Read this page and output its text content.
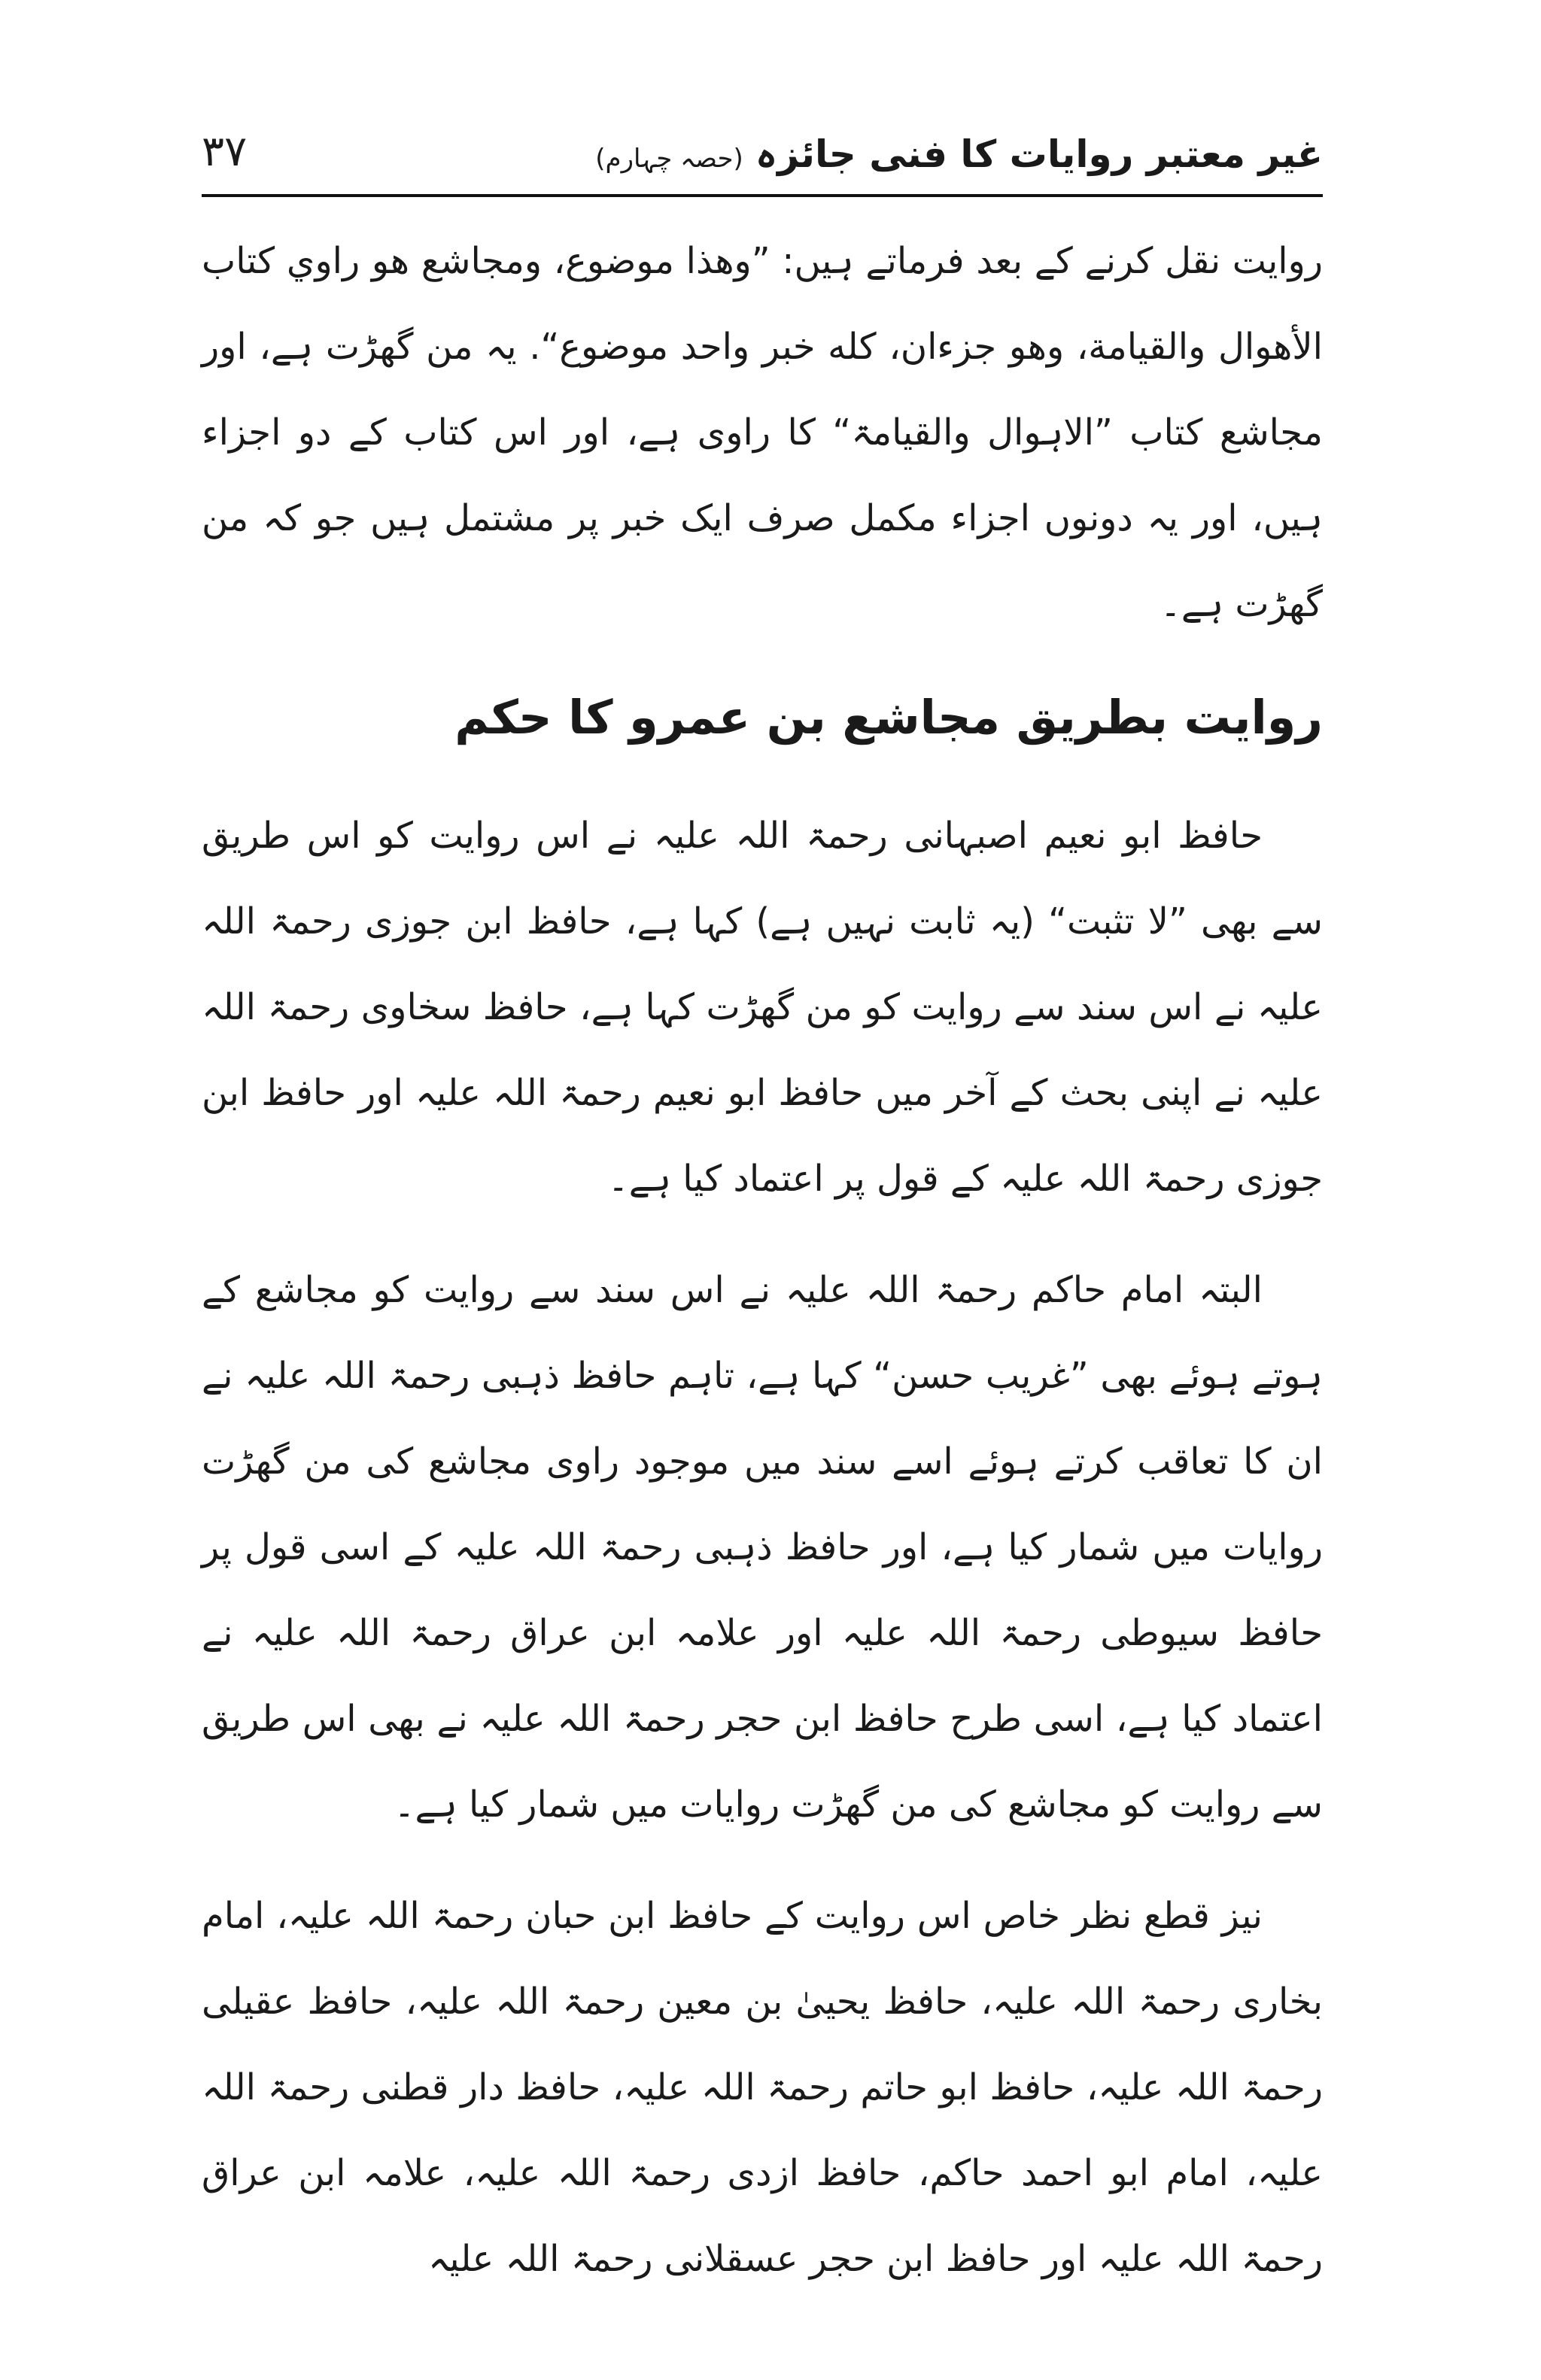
غیر معتبر روایات کا فنی جائزہ(حصہ چہارم)
۳۷

روایت نقل کرنے کے بعد فرماتے ہیں: ”وهذا موضوع، ومجاشع هو راوي كتاب الأهوال والقيامة، وهو جزءان، كله خبر واحد موضوع“. یہ من گھڑت ہے، اور مجاشع کتاب ”الاہوال والقیامۃ“ کا راوی ہے، اور اس کتاب کے دو اجزاء ہیں، اور یہ دونوں اجزاء مکمل صرف ایک خبر پر مشتمل ہیں جو کہ من گھڑت ہے۔

روایت بطریق مجاشع بن عمرو کا حکم

حافظ ابو نعیم اصبہانی رحمۃ اللہ علیہ نے اس روایت کو اس طریق سے بھی ”لا تثبت“ (یہ ثابت نہیں ہے) کہا ہے، حافظ ابن جوزی رحمۃ اللہ علیہ نے اس سند سے روایت کو من گھڑت کہا ہے، حافظ سخاوی رحمۃ اللہ علیہ نے اپنی بحث کے آخر میں حافظ ابو نعیم رحمۃ اللہ علیہ اور حافظ ابن جوزی رحمۃ اللہ علیہ کے قول پر اعتماد کیا ہے۔

البتہ امام حاکم رحمۃ اللہ علیہ نے اس سند سے روایت کو مجاشع کے ہوتے ہوئے بھی ”غریب حسن“ کہا ہے، تاہم حافظ ذہبی رحمۃ اللہ علیہ نے ان کا تعاقب کرتے ہوئے اسے سند میں موجود راوی مجاشع کی من گھڑت روایات میں شمار کیا ہے، اور حافظ ذہبی رحمۃ اللہ علیہ کے اسی قول پر حافظ سیوطی رحمۃ اللہ علیہ اور علامہ ابن عراق رحمۃ اللہ علیہ نے اعتماد کیا ہے، اسی طرح حافظ ابن حجر رحمۃ اللہ علیہ نے بھی اس طریق سے روایت کو مجاشع کی من گھڑت روایات میں شمار کیا ہے۔

نیز قطع نظر خاص اس روایت کے حافظ ابن حبان رحمۃ اللہ علیہ، امام بخاری رحمۃ اللہ علیہ، حافظ یحییٰ بن معین رحمۃ اللہ علیہ، حافظ عقیلی رحمۃ اللہ علیہ، حافظ ابو حاتم رحمۃ اللہ علیہ، حافظ دار قطنی رحمۃ اللہ علیہ، امام ابو احمد حاکم، حافظ ازدی رحمۃ اللہ علیہ، علامہ ابن عراق رحمۃ اللہ علیہ اور حافظ ابن حجر عسقلانی رحمۃ اللہ علیہ
